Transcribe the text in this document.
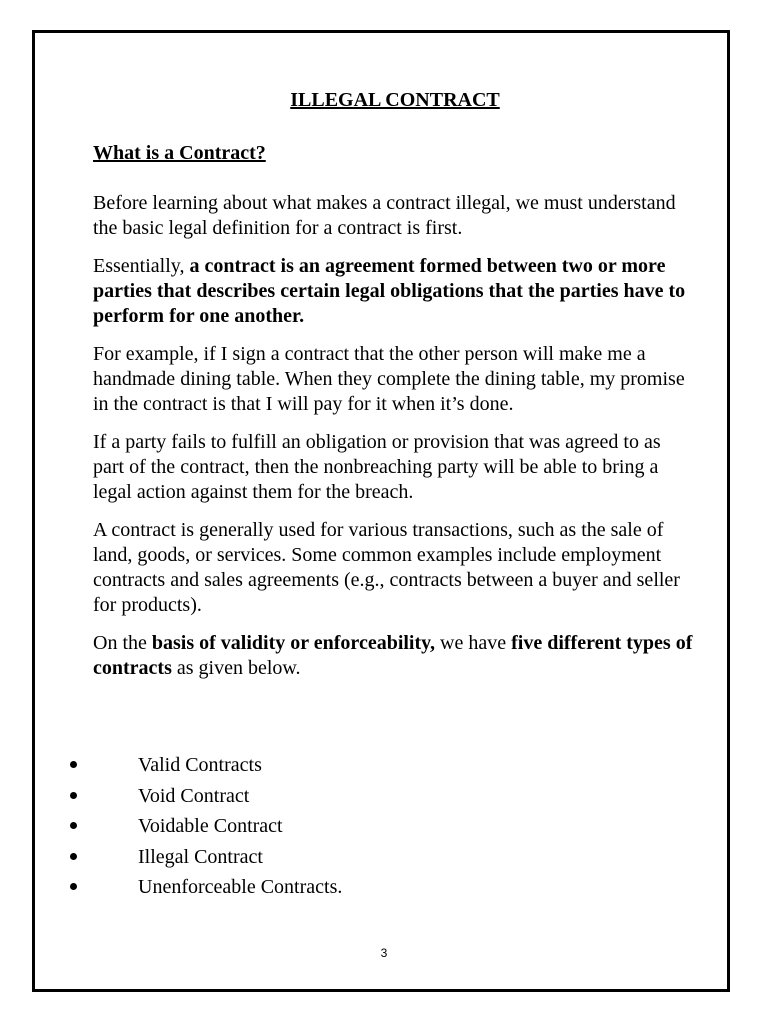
ILLEGAL CONTRACT
What is a Contract?

Before learning about what makes a contract illegal, we must understand the basic legal definition for a contract is first.

Essentially, a contract is an agreement formed between two or more parties that describes certain legal obligations that the parties have to perform for one another.

For example, if I sign a contract that the other person will make me a handmade dining table. When they complete the dining table, my promise in the contract is that I will pay for it when it’s done.

If a party fails to fulfill an obligation or provision that was agreed to as part of the contract, then the nonbreaching party will be able to bring a legal action against them for the breach.

A contract is generally used for various transactions, such as the sale of land, goods, or services. Some common examples include employment contracts and sales agreements (e.g., contracts between a buyer and seller for products).

On the basis of validity or enforceability, we have five different types of contracts as given below.

Valid Contracts
Void Contract
Voidable Contract
Illegal Contract
Unenforceable Contracts.
3
